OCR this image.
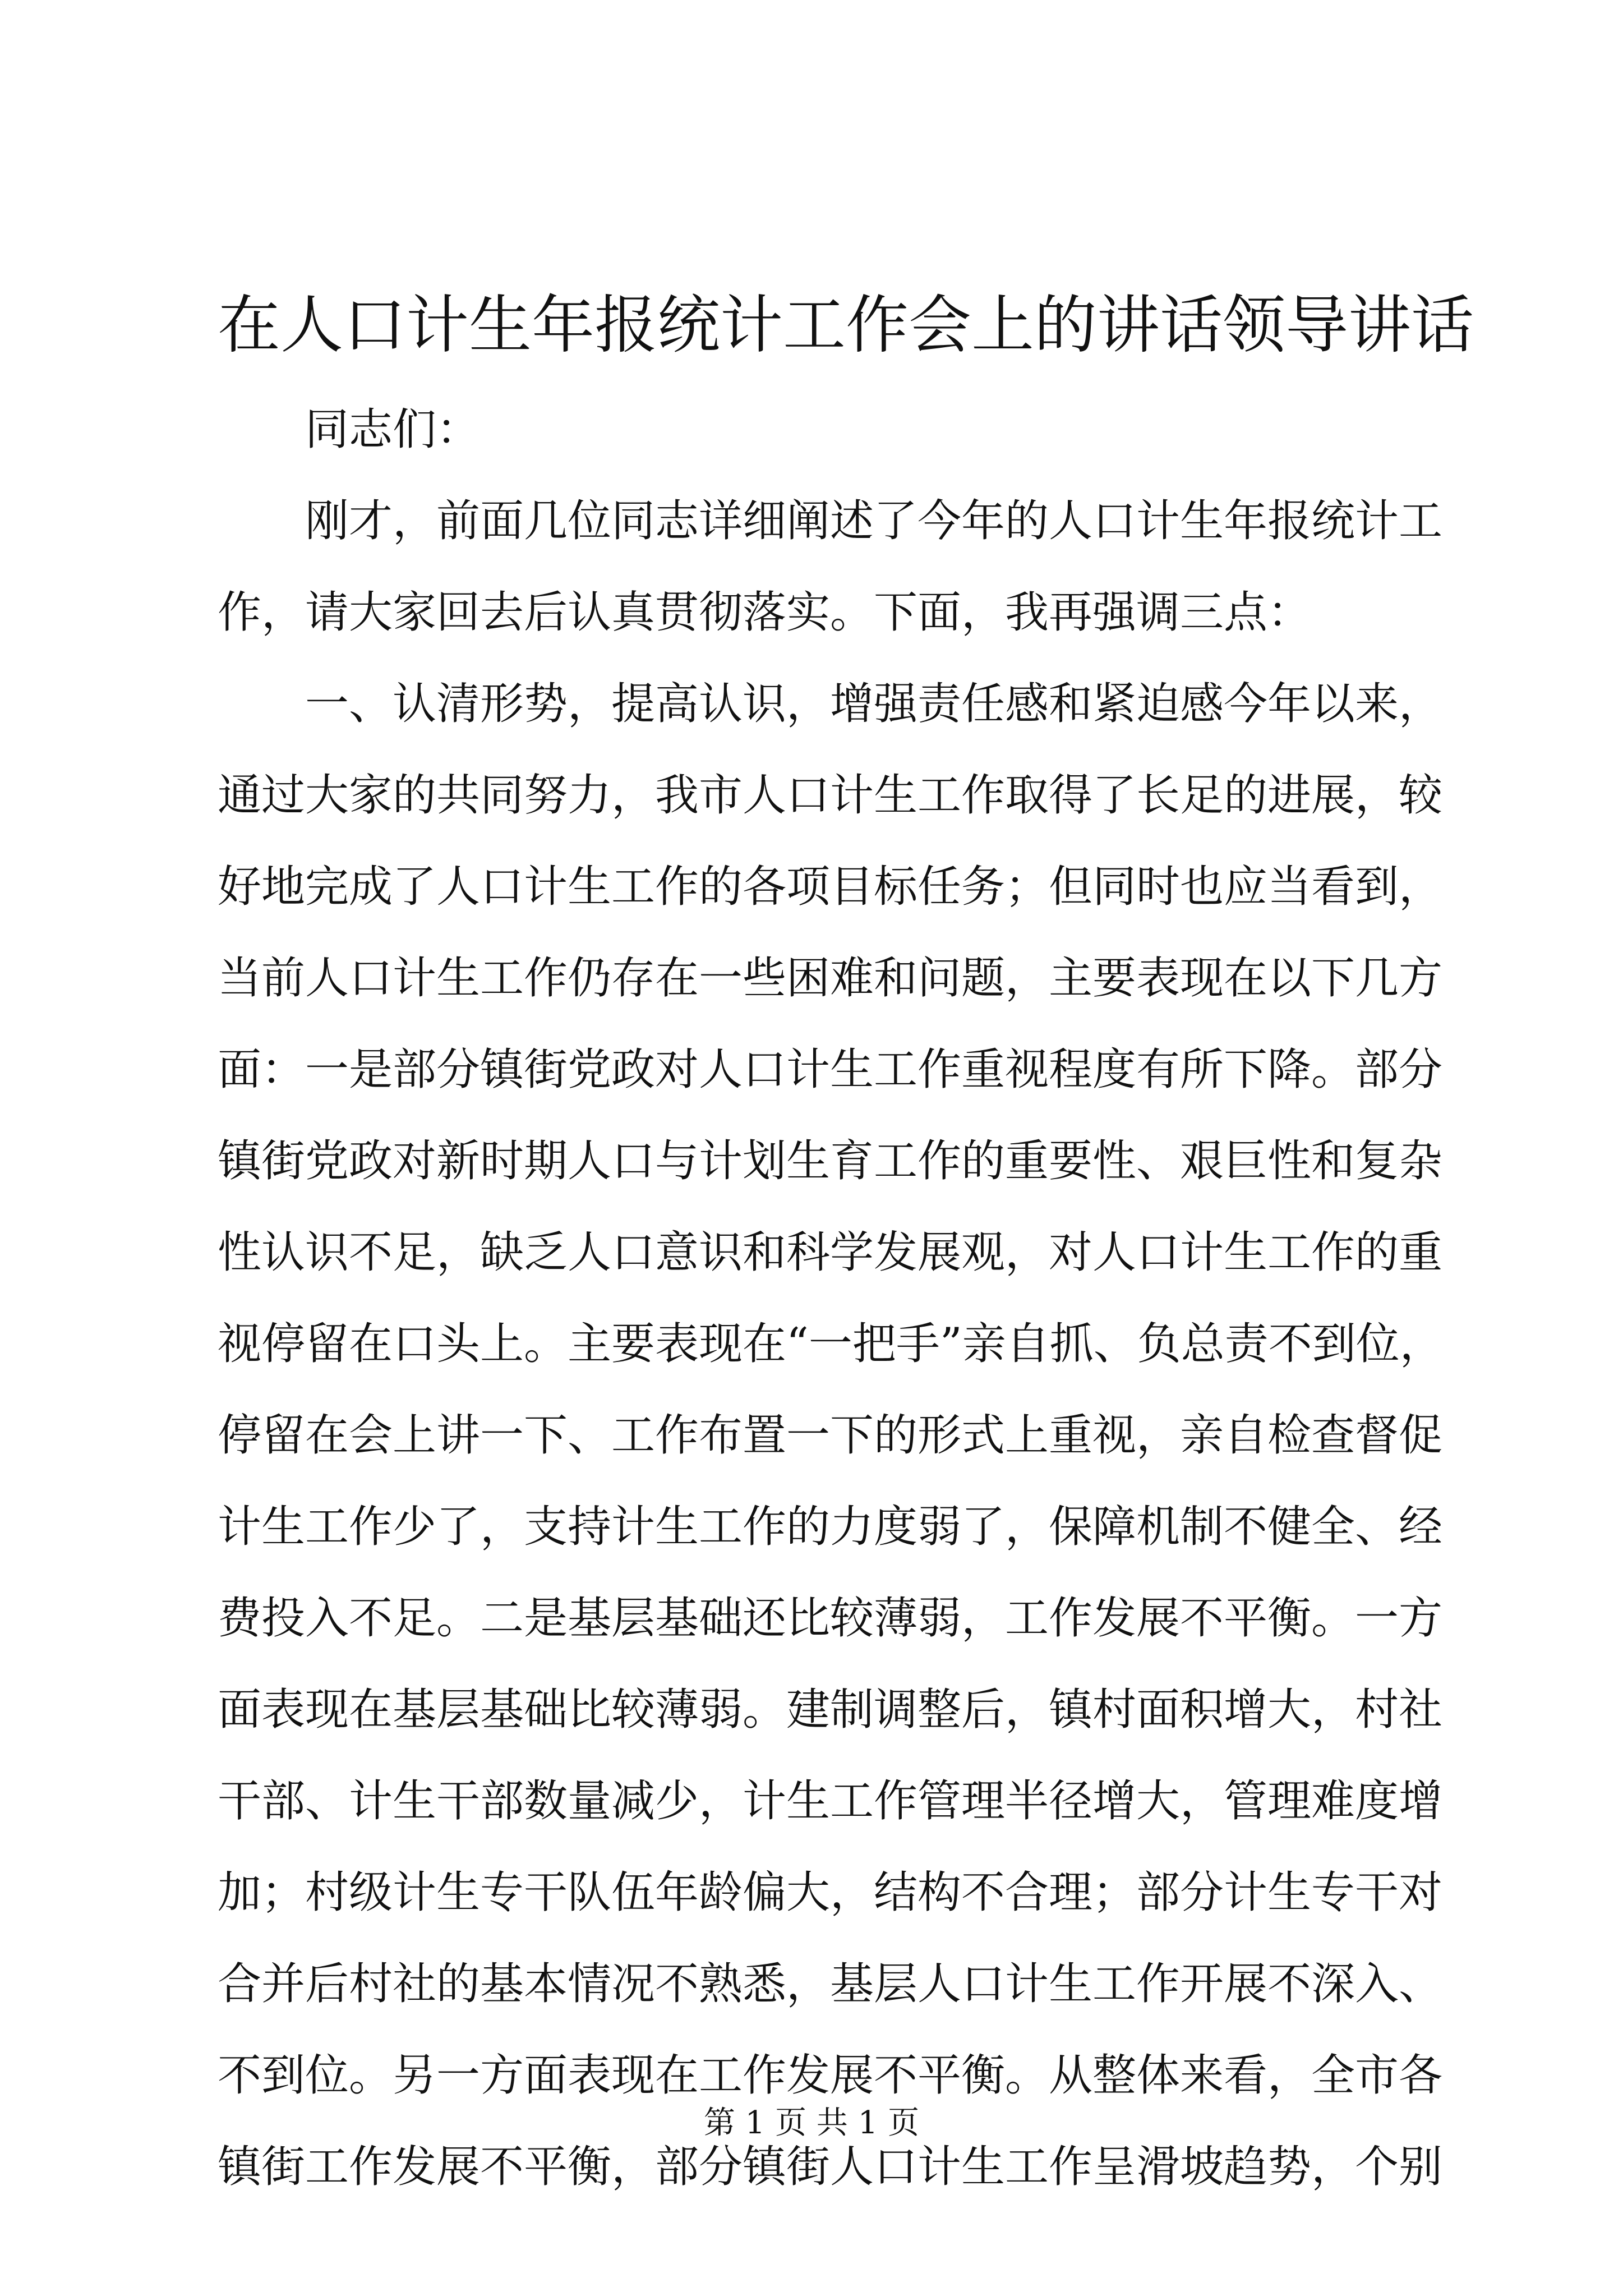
在人口计生年报统计工作会上的讲话领导讲话
同志们：
刚才，前面几位同志详细阐述了今年的人口计生年报统计工
作，请大家回去后认真贯彻落实。下面，我再强调三点：
一、认清形势，提高认识，增强责任感和紧迫感今年以来，
通过大家的共同努力，我市人口计生工作取得了长足的进展，较
好地完成了人口计生工作的各项目标任务；但同时也应当看到，
当前人口计生工作仍存在一些困难和问题，主要表现在以下几方
面：一是部分镇街党政对人口计生工作重视程度有所下降。部分
镇街党政对新时期人口与计划生育工作的重要性、艰巨性和复杂
性认识不足，缺乏人口意识和科学发展观，对人口计生工作的重
视停留在口头上。主要表现在“一把手”亲自抓、负总责不到位，
停留在会上讲一下、工作布置一下的形式上重视，亲自检查督促
计生工作少了，支持计生工作的力度弱了，保障机制不健全、经
费投入不足。二是基层基础还比较薄弱，工作发展不平衡。一方
面表现在基层基础比较薄弱。建制调整后，镇村面积增大，村社
干部、计生干部数量减少，计生工作管理半径增大，管理难度增
加；村级计生专干队伍年龄偏大，结构不合理；部分计生专干对
合并后村社的基本情况不熟悉，基层人口计生工作开展不深入、
不到位。另一方面表现在工作发展不平衡。从整体来看，全市各
镇街工作发展不平衡，部分镇街人口计生工作呈滑坡趋势，个别
第 1 页 共 1 页
